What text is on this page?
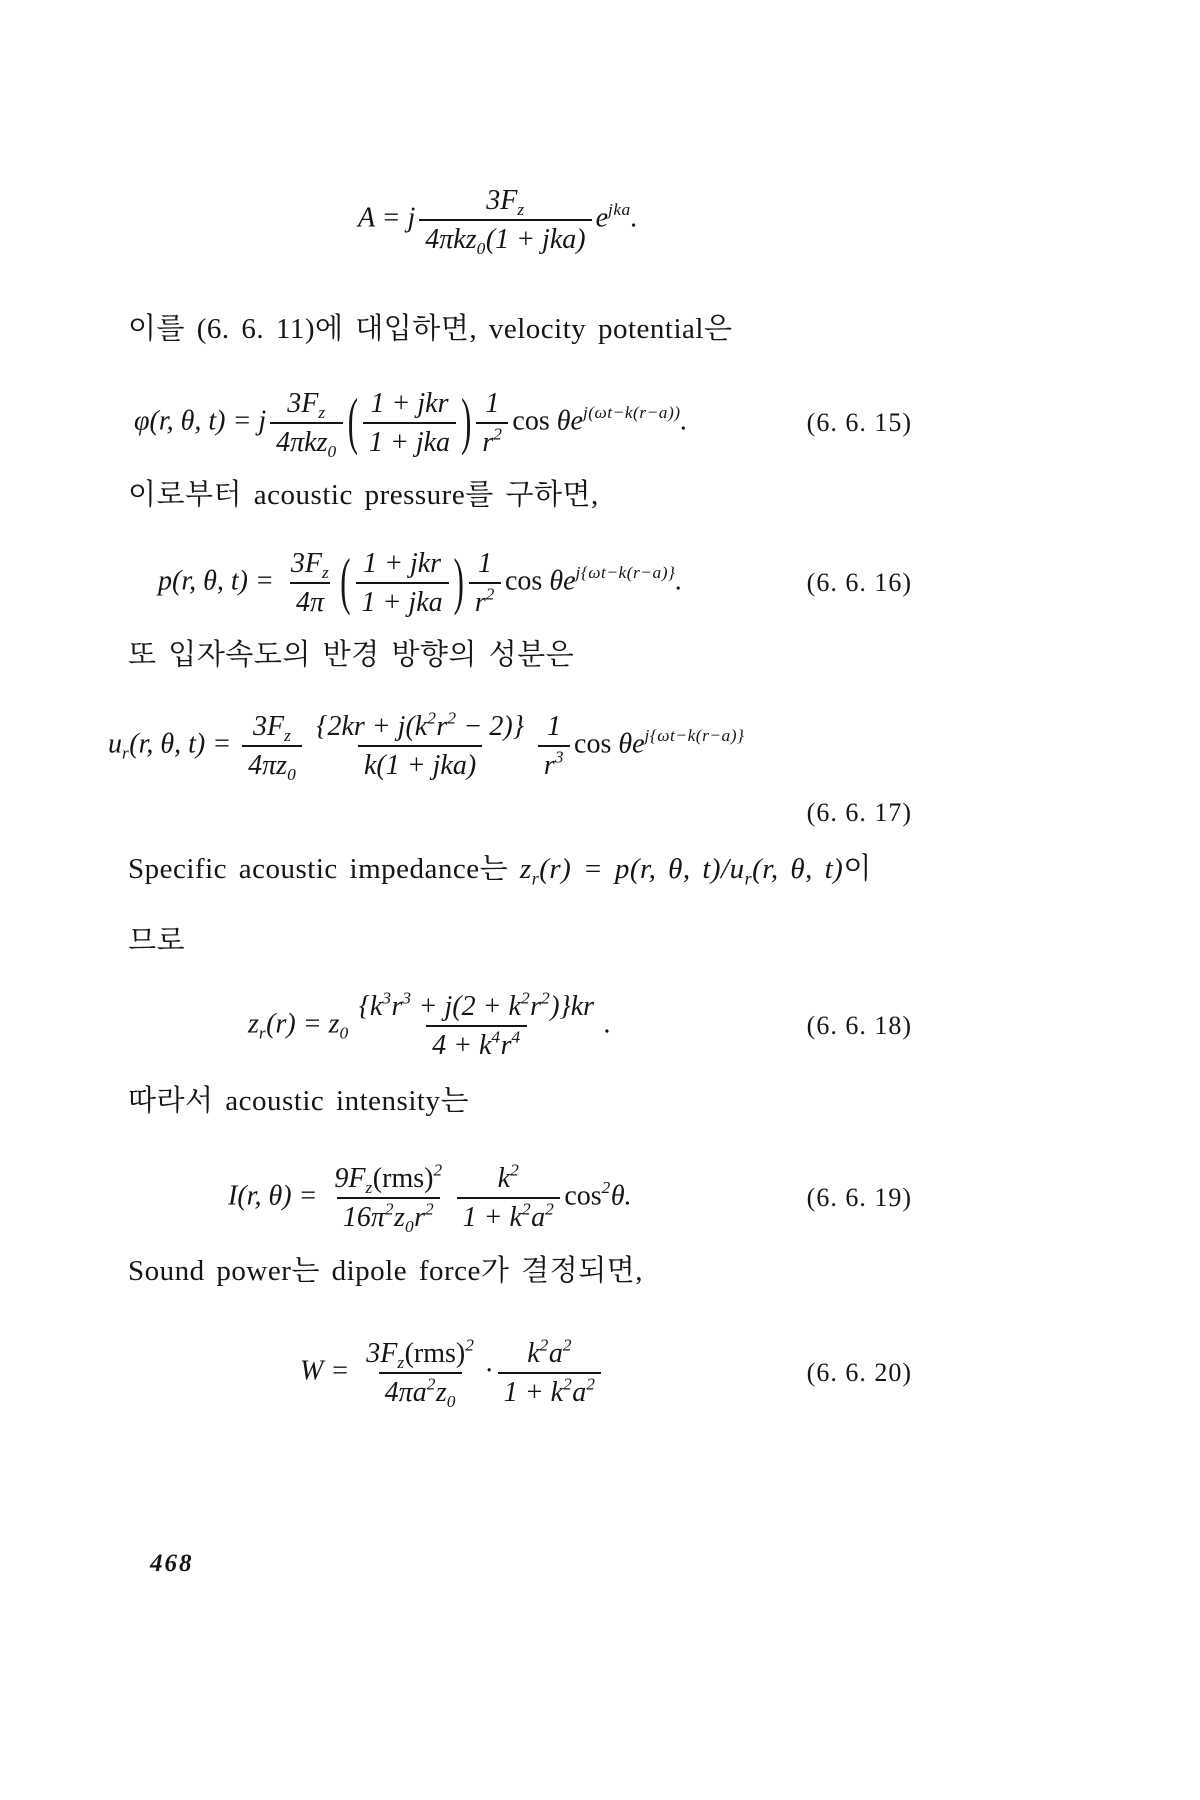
A = j $\frac{3F_z}{4\pi kz_0(1 + jka)} e^{jka}$.
이를 (6. 6. 11)에 대입하면, velocity potential은
φ(r, θ, t) = j $\frac{3F_z}{4\pi kz_0}$ ( $\frac{\text{1 + jkr}}{\text{1 + jka}}$ ) $\frac{1}{r^2}$ $\cos \theta e^{j(\omega t-k(r-a))}$.	(6. 6. 15)
이로부터 acoustic pressure를 구하면,
p(r, θ, $t) = \frac{3F_z}{4\pi}$ ( $\frac{\text{1 + jkr}}{\text{1 + jka}}$ ) $\frac{1}{r^2}$ $\cos \theta e^{j\{\omega t-k(r-a)\}}$.	(6. 6. 16)
또 입자속도의 반경 방향의 성분은
$u_r(r$, θ, $t) = \frac{3F_z}{4\pi z_0} \frac{\{2kr + j(k^2r^2 - 2)\}}{\text{k(1 + jka)}} \frac{1}{r^3}$ $\cos \theta e^{j\{\omega t-k(r-a)\}}$
(6. 6. 17)
Specific acoustic impedance는 $z_r(r) = p(r$, θ, $t)/u_r(r$, θ, t)이
므로
$z_r(r) = z_0 \frac{\{k^3r^3 + j(2 + k^2r^2)\}kr}{4 + k^4r^4}$ .	(6. 6. 18)
따라서 acoustic intensity는
I(r, $\theta) = \frac{9F_z(rms)^2}{16\pi^2z_0r^2} \frac{k^2}{1 + k^2a^2} \cos^2\theta$.	(6. 6. 19)
Sound power는 dipole force가 결정되면,
$W = \frac{3F_z(rms)^2}{4\pi a^2z_0} \cdot \frac{k^2a^2}{1 + k^2a^2}$	(6. 6. 20)
468
